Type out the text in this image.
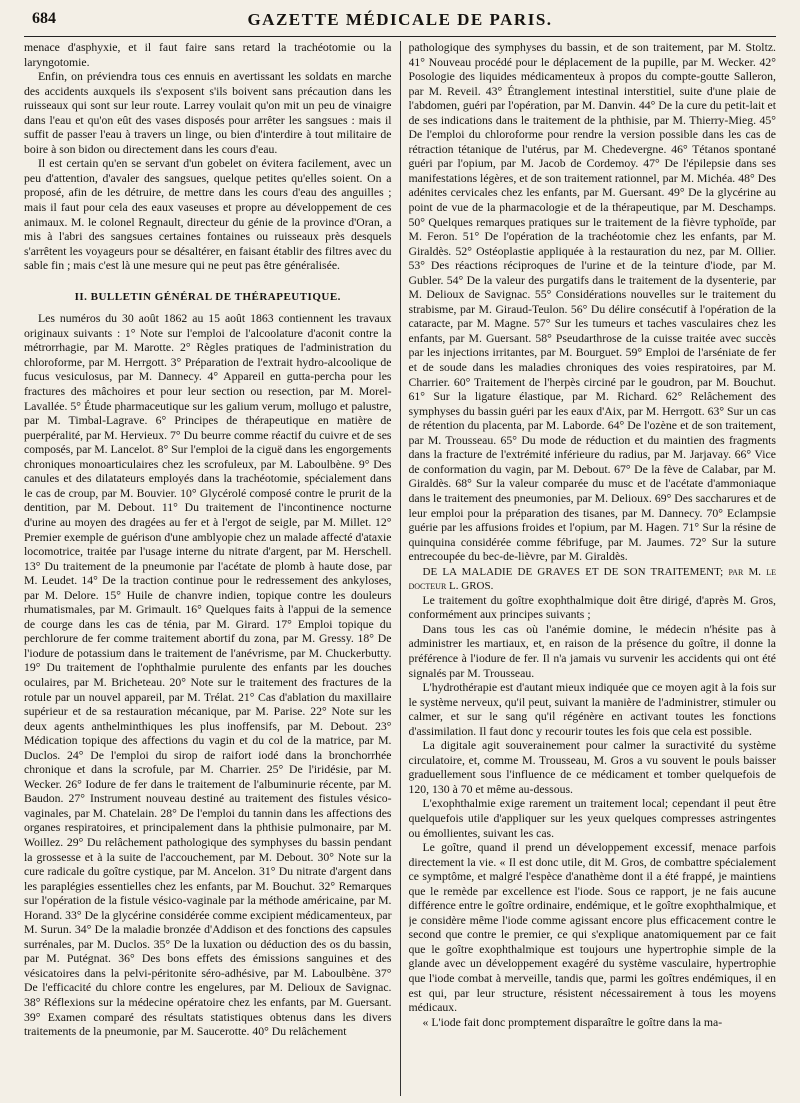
684	GAZETTE MÉDICALE DE PARIS.

menace d'asphyxie, et il faut faire sans retard la trachéotomie ou la laryngotomie.

Enfin, on préviendra tous ces ennuis en avertissant les soldats en marche des accidents auxquels ils s'exposent s'ils boivent sans précaution dans les ruisseaux qui sont sur leur route. Larrey voulait qu'on mit un peu de vinaigre dans l'eau et qu'on eût des vases disposés pour arrêter les sangsues : mais il suffit de passer l'eau à travers un linge, ou bien d'interdire à tout militaire de boire à son bidon ou directement dans les cours d'eau.

Il est certain qu'en se servant d'un gobelet on évitera facilement, avec un peu d'attention, d'avaler des sangsues, quelque petites qu'elles soient. On a proposé, afin de les détruire, de mettre dans les cours d'eau des anguilles ; mais il faut pour cela des eaux vaseuses et propre au développement de ces animaux. M. le colonel Regnault, directeur du génie de la province d'Oran, a mis à l'abri des sangsues certaines fontaines ou ruisseaux près desquels s'arrêtent les voyageurs pour se désaltérer, en faisant établir des filtres avec du sable fin ; mais c'est là une mesure qui ne peut pas être généralisée.

II. BULLETIN GÉNÉRAL DE THÉRAPEUTIQUE.

Les numéros du 30 août 1862 au 15 août 1863 contiennent les travaux originaux suivants : 1° Note sur l'emploi de l'alcoolature d'aconit contre la métrorrhagie, par M. Marotte. 2° Règles pratiques de l'administration du chloroforme, par M. Herrgott. 3° Préparation de l'extrait hydro-alcoolique de fucus vesiculosus, par M. Dannecy. 4° Appareil en gutta-percha pour les fractures des mâchoires et pour leur section ou resection, par M. Morel-Lavallée. 5° Étude pharmaceutique sur les galium verum, mollugo et palustre, par M. Timbal-Lagrave. 6° Principes de thérapeutique en matière de puerpéralité, par M. Hervieux. 7° Du beurre comme réactif du cuivre et de ses composés, par M. Lancelot. 8° Sur l'emploi de la ciguë dans les engorgements chroniques monoarticulaires chez les scrofuleux, par M. Laboulbène. 9° Des canules et des dilatateurs employés dans la trachéotomie, spécialement dans le cas de croup, par M. Bouvier. 10° Glycérolé composé contre le prurit de la dentition, par M. Debout. 11° Du traitement de l'incontinence nocturne d'urine au moyen des dragées au fer et à l'ergot de seigle, par M. Millet. 12° Premier exemple de guérison d'une amblyopie chez un malade affecté d'ataxie locomotrice, traitée par l'usage interne du nitrate d'argent, par M. Herschell. 13° Du traitement de la pneumonie par l'acétate de plomb à haute dose, par M. Leudet. 14° De la traction continue pour le redressement des ankyloses, par M. Delore. 15° Huile de chanvre indien, topique contre les douleurs rhumatismales, par M. Grimault. 16° Quelques faits à l'appui de la semence de courge dans les cas de ténia, par M. Girard. 17° Emploi topique du perchlorure de fer comme traitement abortif du zona, par M. Gressy. 18° De l'iodure de potassium dans le traitement de l'anévrisme, par M. Chuckerbutty. 19° Du traitement de l'ophthalmie purulente des enfants par les douches oculaires, par M. Bricheteau. 20° Note sur le traitement des fractures de la rotule par un nouvel appareil, par M. Trélat. 21° Cas d'ablation du maxillaire supérieur et de sa restauration mécanique, par M. Parise. 22° Note sur les deux agents anthelminthiques les plus inoffensifs, par M. Debout. 23° Médication topique des affections du vagin et du col de la matrice, par M. Duclos. 24° De l'emploi du sirop de raifort iodé dans la bronchorrhée chronique et dans la scrofule, par M. Charrier. 25° De l'iridésie, par M. Wecker. 26° Iodure de fer dans le traitement de l'albuminurie récente, par M. Baudon. 27° Instrument nouveau destiné au traitement des fistules vésico-vaginales, par M. Chatelain. 28° De l'emploi du tannin dans les affections des organes respiratoires, et principalement dans la phthisie pulmonaire, par M. Woillez. 29° Du relâchement pathologique des symphyses du bassin pendant la grossesse et à la suite de l'accouchement, par M. Debout. 30° Note sur la cure radicale du goître cystique, par M. Ancelon. 31° Du nitrate d'argent dans les paraplégies essentielles chez les enfants, par M. Bouchut. 32° Remarques sur l'opération de la fistule vésico-vaginale par la méthode américaine, par M. Horand. 33° De la glycérine considérée comme excipient médicamenteux, par M. Surun. 34° De la maladie bronzée d'Addison et des fonctions des capsules surrénales, par M. Duclos. 35° De la luxation ou déduction des os du bassin, par M. Putégnat. 36° Des bons effets des émissions sanguines et des vésicatoires dans la pelvi-péritonite séro-adhésive, par M. Laboulbène. 37° De l'efficacité du chlore contre les engelures, par M. Delioux de Savignac. 38° Réflexions sur la médecine opératoire chez les enfants, par M. Guersant. 39° Examen comparé des résultats statistiques obtenus dans les divers traitements de la pneumonie, par M. Saucerotte. 40° Du relâchement

pathologique des symphyses du bassin, et de son traitement, par M. Stoltz. 41° Nouveau procédé pour le déplacement de la pupille, par M. Wecker. 42° Posologie des liquides médicamenteux à propos du compte-goutte Salleron, par M. Reveil. 43° Étranglement intestinal interstitiel, suite d'une plaie de l'abdomen, guéri par l'opération, par M. Danvin. 44° De la cure du petit-lait et de ses indications dans le traitement de la phthisie, par M. Thierry-Mieg. 45° De l'emploi du chloroforme pour rendre la version possible dans les cas de rétraction tétanique de l'utérus, par M. Chedevergne. 46° Tétanos spontané guéri par l'opium, par M. Jacob de Cordemoy. 47° De l'épilepsie dans ses manifestations légères, et de son traitement rationnel, par M. Michéa. 48° Des adénites cervicales chez les enfants, par M. Guersant. 49° De la glycérine au point de vue de la pharmacologie et de la thérapeutique, par M. Deschamps. 50° Quelques remarques pratiques sur le traitement de la fièvre typhoïde, par M. Feron. 51° De l'opération de la trachéotomie chez les enfants, par M. Giraldès. 52° Ostéoplastie appliquée à la restauration du nez, par M. Ollier. 53° Des réactions réciproques de l'urine et de la teinture d'iode, par M. Gubler. 54° De la valeur des purgatifs dans le traitement de la dysenterie, par M. Delioux de Savignac. 55° Considérations nouvelles sur le traitement du strabisme, par M. Giraud-Teulon. 56° Du délire consécutif à l'opération de la cataracte, par M. Magne. 57° Sur les tumeurs et taches vasculaires chez les enfants, par M. Guersant. 58° Pseudarthrose de la cuisse traitée avec succès par les injections irritantes, par M. Bourguet. 59° Emploi de l'arséniate de fer et de soude dans les maladies chroniques des voies respiratoires, par M. Charrier. 60° Traitement de l'herpès circiné par le goudron, par M. Bouchut. 61° Sur la ligature élastique, par M. Richard. 62° Relâchement des symphyses du bassin guéri par les eaux d'Aix, par M. Herrgott. 63° Sur un cas de rétention du placenta, par M. Laborde. 64° De l'ozène et de son traitement, par M. Trousseau. 65° Du mode de réduction et du maintien des fragments dans la fracture de l'extrémité inférieure du radius, par M. Jarjavay. 66° Vice de conformation du vagin, par M. Debout. 67° De la fève de Calabar, par M. Giraldès. 68° Sur la valeur comparée du musc et de l'acétate d'ammoniaque dans le traitement des pneumonies, par M. Delioux. 69° Des saccharures et de leur emploi pour la préparation des tisanes, par M. Dannecy. 70° Eclampsie guérie par les affusions froides et l'opium, par M. Hagen. 71° Sur la résine de quinquina considérée comme fébrifuge, par M. Jaumes. 72° Sur la suture entrecoupée du bec-de-lièvre, par M. Giraldès.

DE LA MALADIE DE GRAVES ET DE SON TRAITEMENT; par M. le docteur L. GROS.

Le traitement du goître exophthalmique doit être dirigé, d'après M. Gros, conformément aux principes suivants ;

Dans tous les cas où l'anémie domine, le médecin n'hésite pas à administrer les martiaux, et, en raison de la présence du goître, il donne la préférence à l'iodure de fer. Il n'a jamais vu survenir les accidents qui ont été signalés par M. Trousseau.

L'hydrothérapie est d'autant mieux indiquée que ce moyen agit à la fois sur le système nerveux, qu'il peut, suivant la manière de l'administrer, stimuler ou calmer, et sur le sang qu'il régénère en activant toutes les fonctions d'assimilation. Il faut donc y recourir toutes les fois que cela est possible.

La digitale agit souverainement pour calmer la suractivité du système circulatoire, et, comme M. Trousseau, M. Gros a vu souvent le pouls baisser graduellement sous l'influence de ce médicament et tomber quelquefois de 120, 130 à 70 et même au-dessous.

L'exophthalmie exige rarement un traitement local; cependant il peut être quelquefois utile d'appliquer sur les yeux quelques compresses astringentes ou émollientes, suivant les cas.

Le goître, quand il prend un développement excessif, menace parfois directement la vie. « Il est donc utile, dit M. Gros, de combattre spécialement ce symptôme, et malgré l'espèce d'anathème dont il a été frappé, je maintiens que le remède par excellence est l'iode. Sous ce rapport, je ne fais aucune différence entre le goître ordinaire, endémique, et le goître exophthalmique, et je considère même l'iode comme agissant encore plus efficacement contre le second que contre le premier, ce qui s'explique anatomiquement par ce fait que le goître exophthalmique est toujours une hypertrophie simple de la glande avec un développement exagéré du système vasculaire, hypertrophie que l'iode combat à merveille, tandis que, parmi les goîtres endémiques, il en est qui, par leur structure, résistent nécessairement à tous les moyens médicaux.

« L'iode fait donc promptement disparaître le goître dans la ma-
